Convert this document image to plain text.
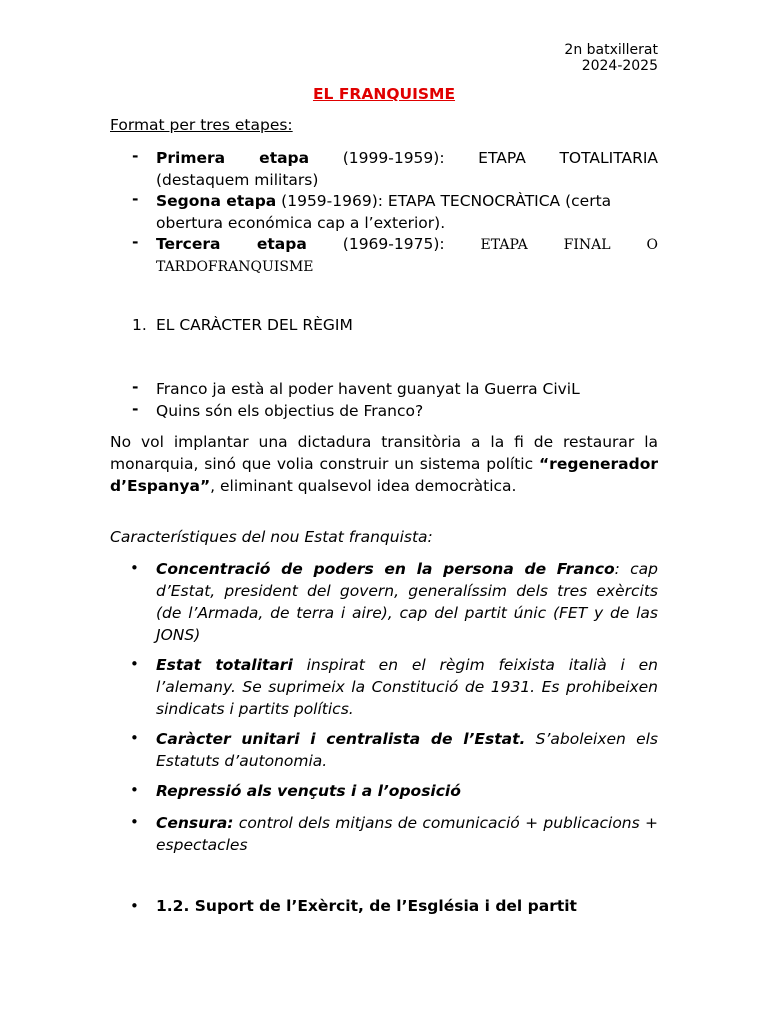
2n batxillerat
2024-2025
EL FRANQUISME
Format per tres etapes:
- Primera etapa (1999-1959): ETAPA TOTALITARIA
(destaquem militars)
- Segona etapa (1959-1969): ETAPA TECNOCRÀTICA (certa
obertura económica cap a l’exterior).
- Tercera etapa (1969-1975):	ETAPA	FINAL	O
TARDOFRANQUISME
1. EL CARÀCTER DEL RÈGIM
- Franco ja està al poder havent guanyat la Guerra CiviL
- Quins són els objectius de Franco?
No vol implantar una dictadura transitòria a la fi de restaurar la monarquia, sinó que volia construir un sistema polític “regenerador d’Espanya”, eliminant qualsevol idea democràtica.
Característiques del nou Estat franquista:
• Concentració de poders en la persona de Franco: cap d’Estat, president del govern, generalíssim dels tres exèrcits (de l’Armada, de terra i aire), cap del partit únic (FET y de las JONS)
• Estat totalitari inspirat en el règim feixista italià i en l’alemany. Se suprimeix la Constitució de 1931. Es prohibeixen sindicats i partits polítics.
• Caràcter unitari i centralista de l’Estat. S’aboleixen els Estatuts d’autonomia.
• Repressió als vençuts i a l’oposició
• Censura: control dels mitjans de comunicació + publicacions + espectacles
• 1.2. Suport de l’Exèrcit, de l’Església i del partit
